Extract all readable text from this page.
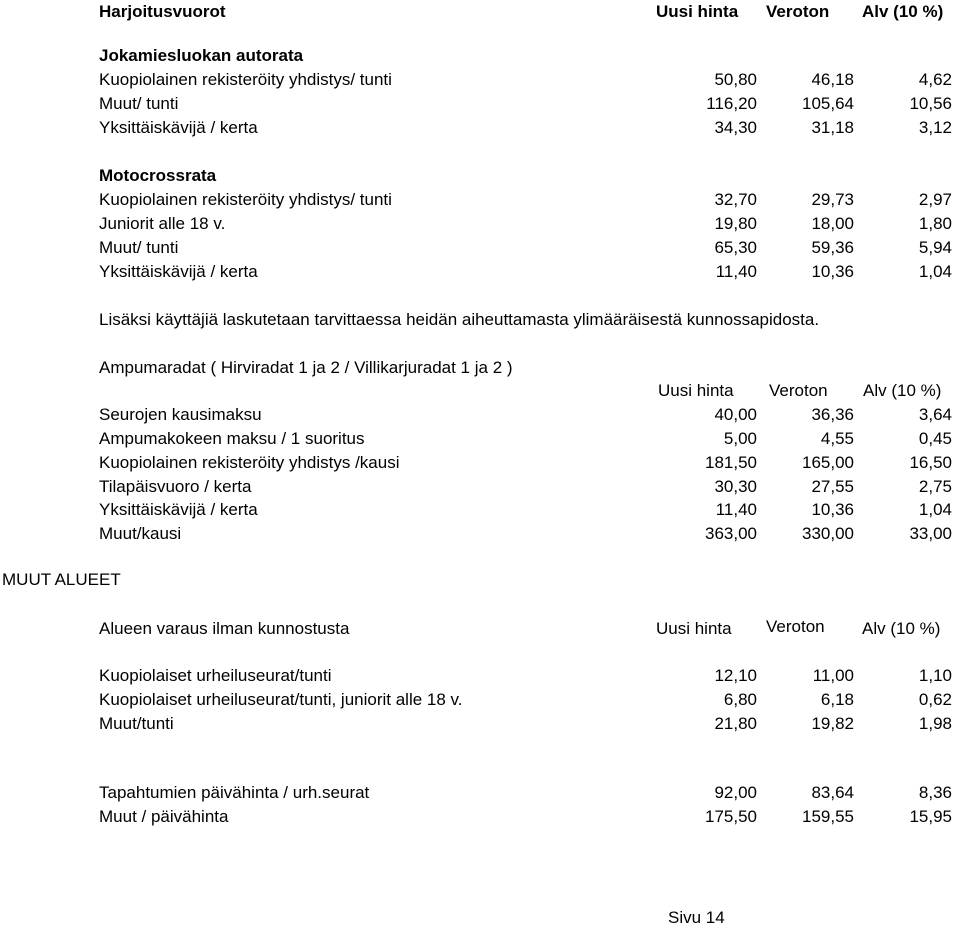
Harjoitusvuorot	Uusi hinta Veroton Alv (10 %)
Jokamiesluokan autorata
Kuopiolainen rekisteröity yhdistys/ tunti	50,80	46,18	4,62
Muut/ tunti	116,20	105,64	10,56
Yksittäiskävijä / kerta	34,30	31,18	3,12
Motocrossrata
Kuopiolainen rekisteröity yhdistys/ tunti	32,70	29,73	2,97
Juniorit alle 18 v.	19,80	18,00	1,80
Muut/ tunti	65,30	59,36	5,94
Yksittäiskävijä / kerta	11,40	10,36	1,04
Lisäksi käyttäjiä laskutetaan tarvittaessa heidän aiheuttamasta ylimääräisestä kunnossapidosta.
Ampumaradat ( Hirviradat 1 ja 2 / Villikarjuradat 1 ja 2 )
Uusi hinta Veroton Alv (10 %)
Seurojen kausimaksu	40,00	36,36	3,64
Ampumakokeen maksu / 1 suoritus	5,00	4,55	0,45
Kuopiolainen rekisteröity yhdistys /kausi	181,50	165,00	16,50
Tilapäisvuoro / kerta	30,30	27,55	2,75
Yksittäiskävijä / kerta	11,40	10,36	1,04
Muut/kausi	363,00	330,00	33,00
MUUT ALUEET
Alueen varaus ilman kunnostusta	Uusi hinta Veroton Alv (10 %)
Kuopiolaiset urheiluseurat/tunti	12,10	11,00	1,10
Kuopiolaiset urheiluseurat/tunti, juniorit alle 18 v.	6,80	6,18	0,62
Muut/tunti	21,80	19,82	1,98
Tapahtumien päivähinta / urh.seurat	92,00	83,64	8,36
Muut / päivähinta	175,50	159,55	15,95
Sivu 14
